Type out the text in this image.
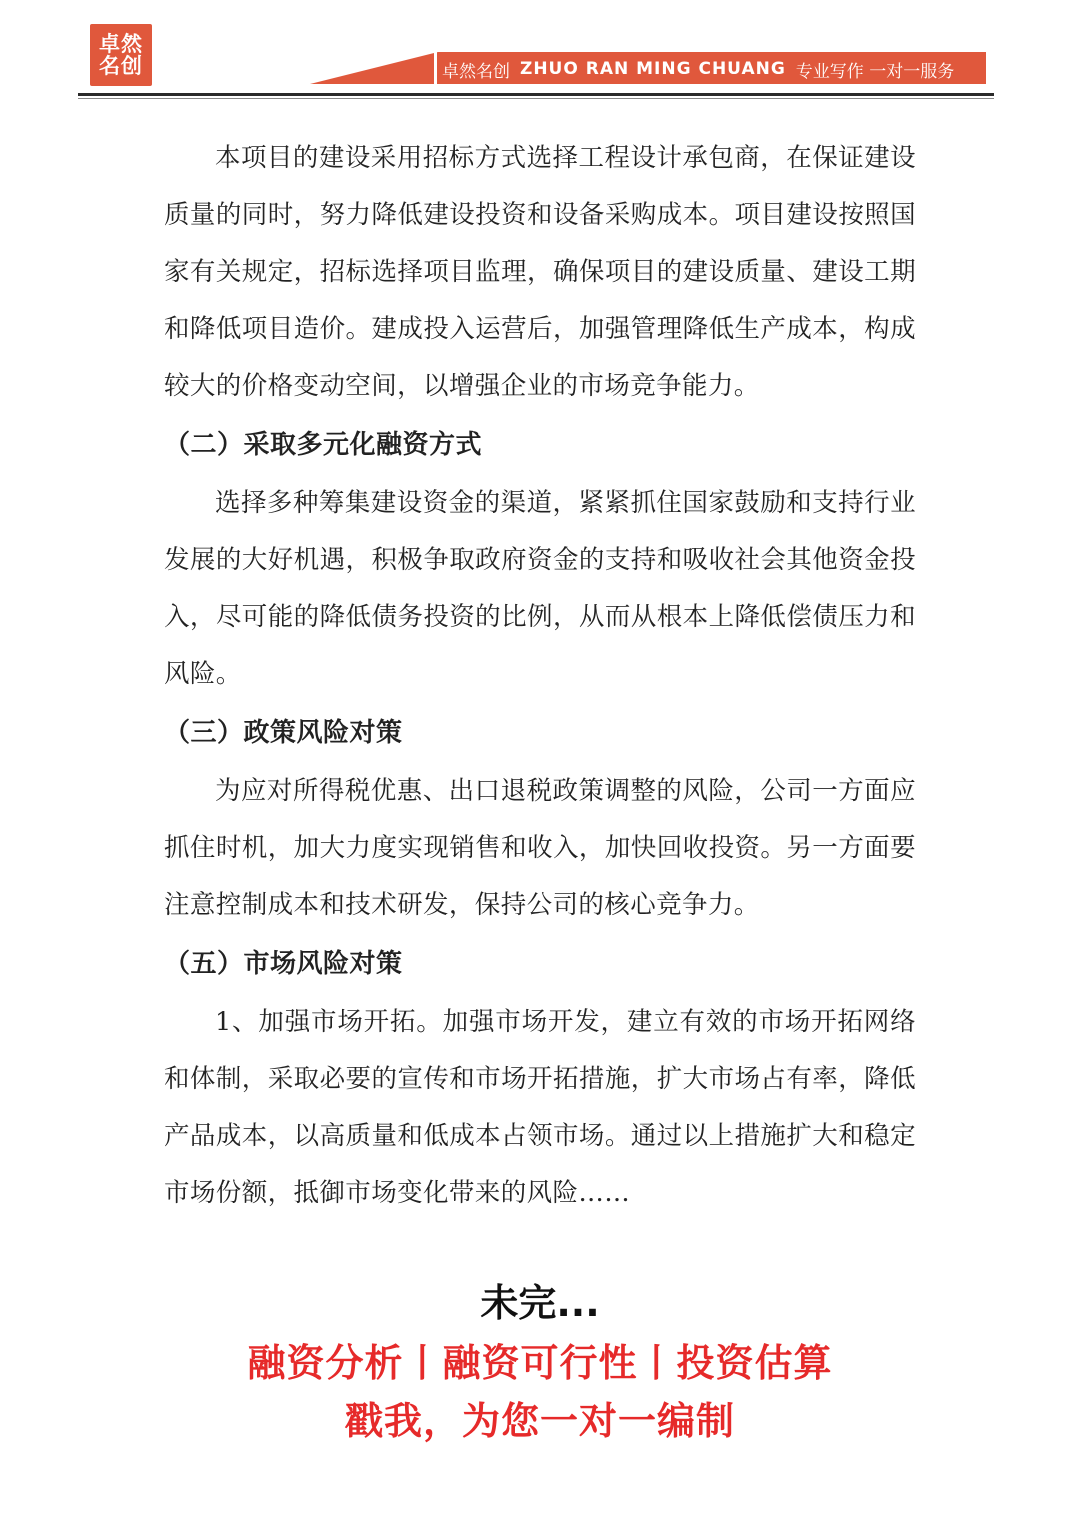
卓然
名创	卓然名创 ZHUO RAN MING CHUANG 专业写作 一对一服务

本项目的建设采用招标方式选择工程设计承包商，在保证建设质量的同时，努力降低建设投资和设备采购成本。项目建设按照国家有关规定，招标选择项目监理，确保项目的建设质量、建设工期和降低项目造价。建成投入运营后，加强管理降低生产成本，构成较大的价格变动空间，以增强企业的市场竞争能力。

（二）采取多元化融资方式

选择多种筹集建设资金的渠道，紧紧抓住国家鼓励和支持行业发展的大好机遇，积极争取政府资金的支持和吸收社会其他资金投入，尽可能的降低债务投资的比例，从而从根本上降低偿债压力和风险。

（三）政策风险对策

为应对所得税优惠、出口退税政策调整的风险，公司一方面应抓住时机，加大力度实现销售和收入，加快回收投资。另一方面要注意控制成本和技术研发，保持公司的核心竞争力。

（五）市场风险对策

1、加强市场开拓。加强市场开发，建立有效的市场开拓网络和体制，采取必要的宣传和市场开拓措施，扩大市场占有率，降低产品成本，以高质量和低成本占领市场。通过以上措施扩大和稳定市场份额，抵御市场变化带来的风险……

未完...
融资分析丨融资可行性丨投资估算
戳我，为您一对一编制
